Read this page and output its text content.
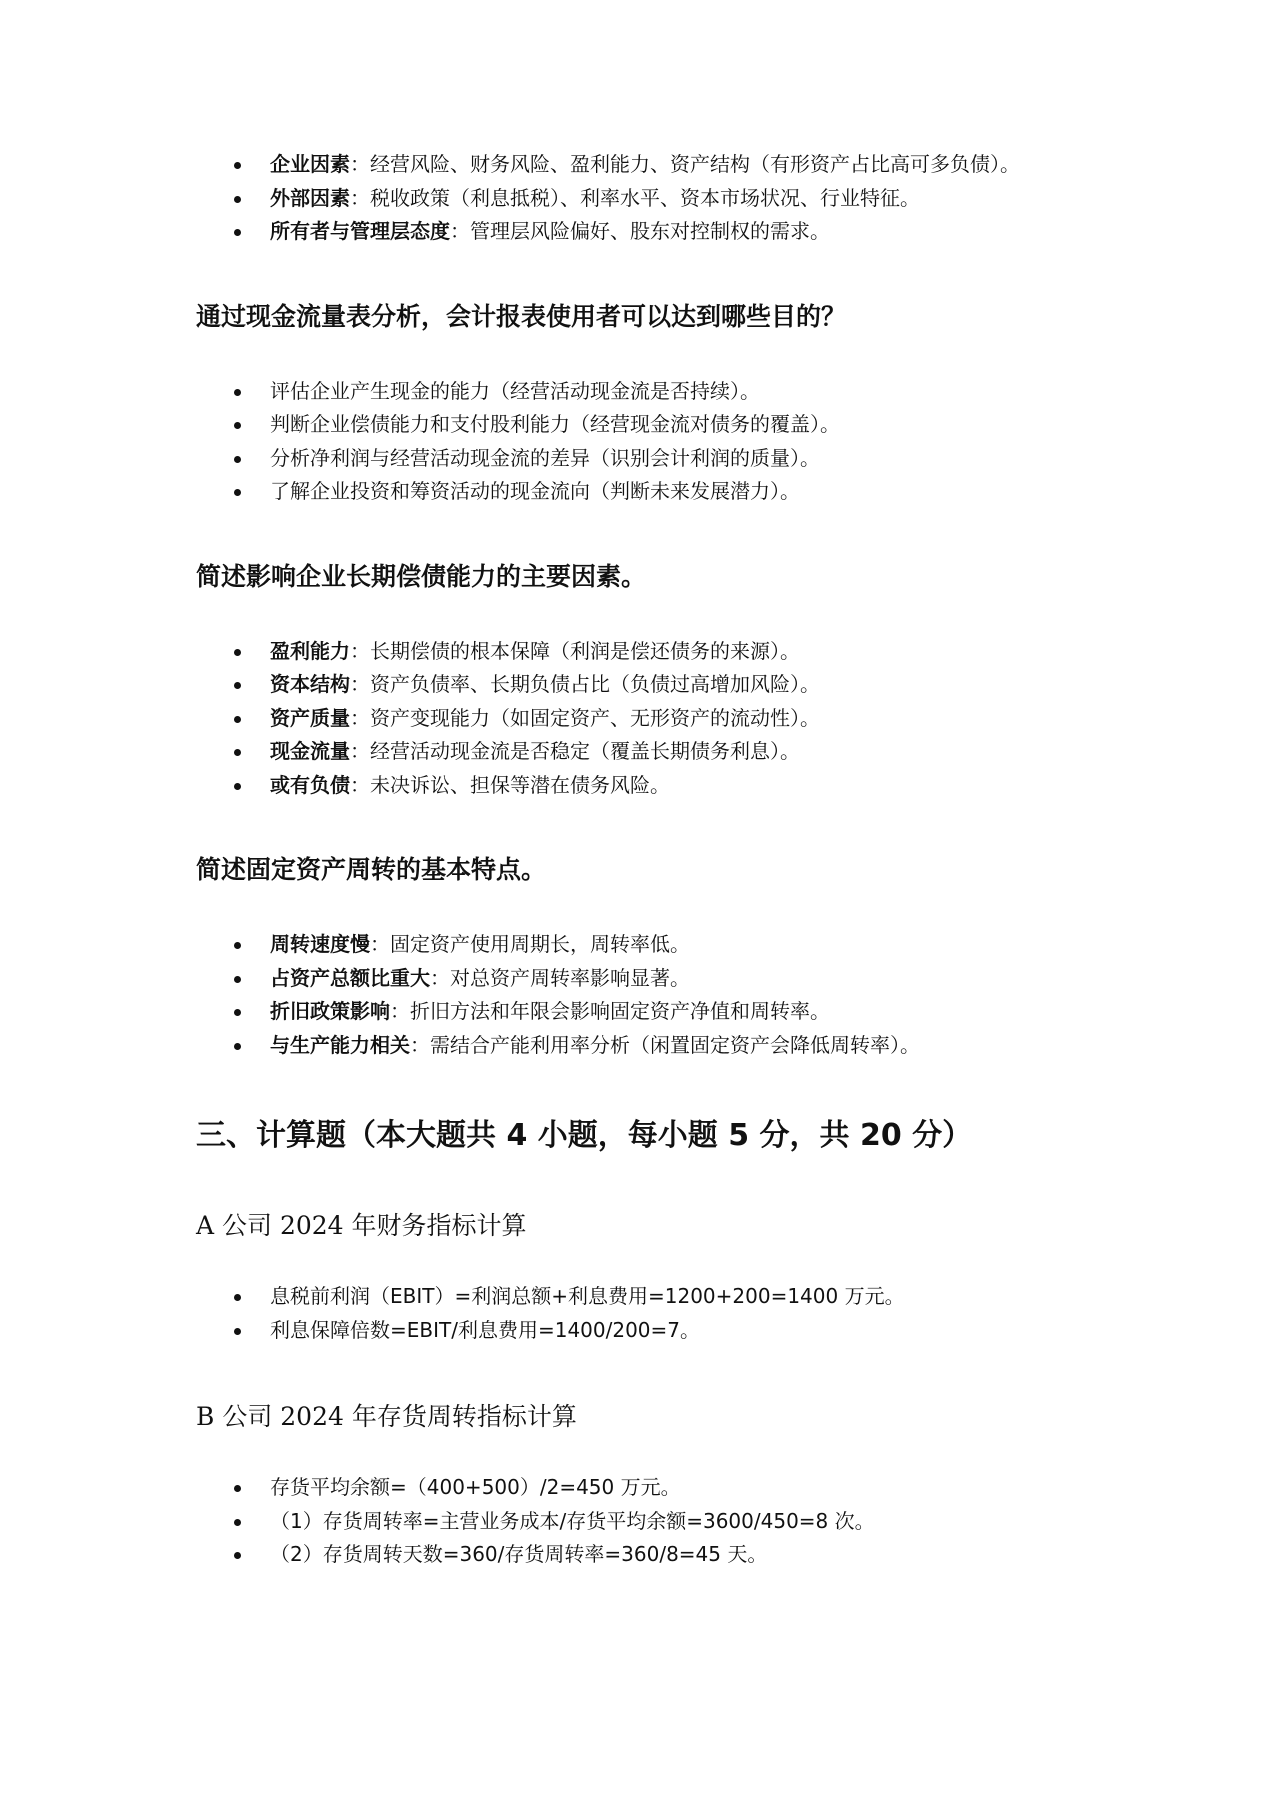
企业因素：经营风险、财务风险、盈利能力、资产结构（有形资产占比高可多负债）。
外部因素：税收政策（利息抵税）、利率水平、资本市场状况、行业特征。
所有者与管理层态度：管理层风险偏好、股东对控制权的需求。
通过现金流量表分析，会计报表使用者可以达到哪些目的？
评估企业产生现金的能力（经营活动现金流是否持续）。
判断企业偿债能力和支付股利能力（经营现金流对债务的覆盖）。
分析净利润与经营活动现金流的差异（识别会计利润的质量）。
了解企业投资和筹资活动的现金流向（判断未来发展潜力）。
简述影响企业长期偿债能力的主要因素。
盈利能力：长期偿债的根本保障（利润是偿还债务的来源）。
资本结构：资产负债率、长期负债占比（负债过高增加风险）。
资产质量：资产变现能力（如固定资产、无形资产的流动性）。
现金流量：经营活动现金流是否稳定（覆盖长期债务利息）。
或有负债：未决诉讼、担保等潜在债务风险。
简述固定资产周转的基本特点。
周转速度慢：固定资产使用周期长，周转率低。
占资产总额比重大：对总资产周转率影响显著。
折旧政策影响：折旧方法和年限会影响固定资产净值和周转率。
与生产能力相关：需结合产能利用率分析（闲置固定资产会降低周转率）。
三、计算题（本大题共 4 小题，每小题 5 分，共 20 分）
A 公司 2024 年财务指标计算
息税前利润（EBIT）=利润总额+利息费用=1200+200=1400 万元。
利息保障倍数=EBIT/利息费用=1400/200=7。
B 公司 2024 年存货周转指标计算
存货平均余额=（400+500）/2=450 万元。
（1）存货周转率=主营业务成本/存货平均余额=3600/450=8 次。
（2）存货周转天数=360/存货周转率=360/8=45 天。
